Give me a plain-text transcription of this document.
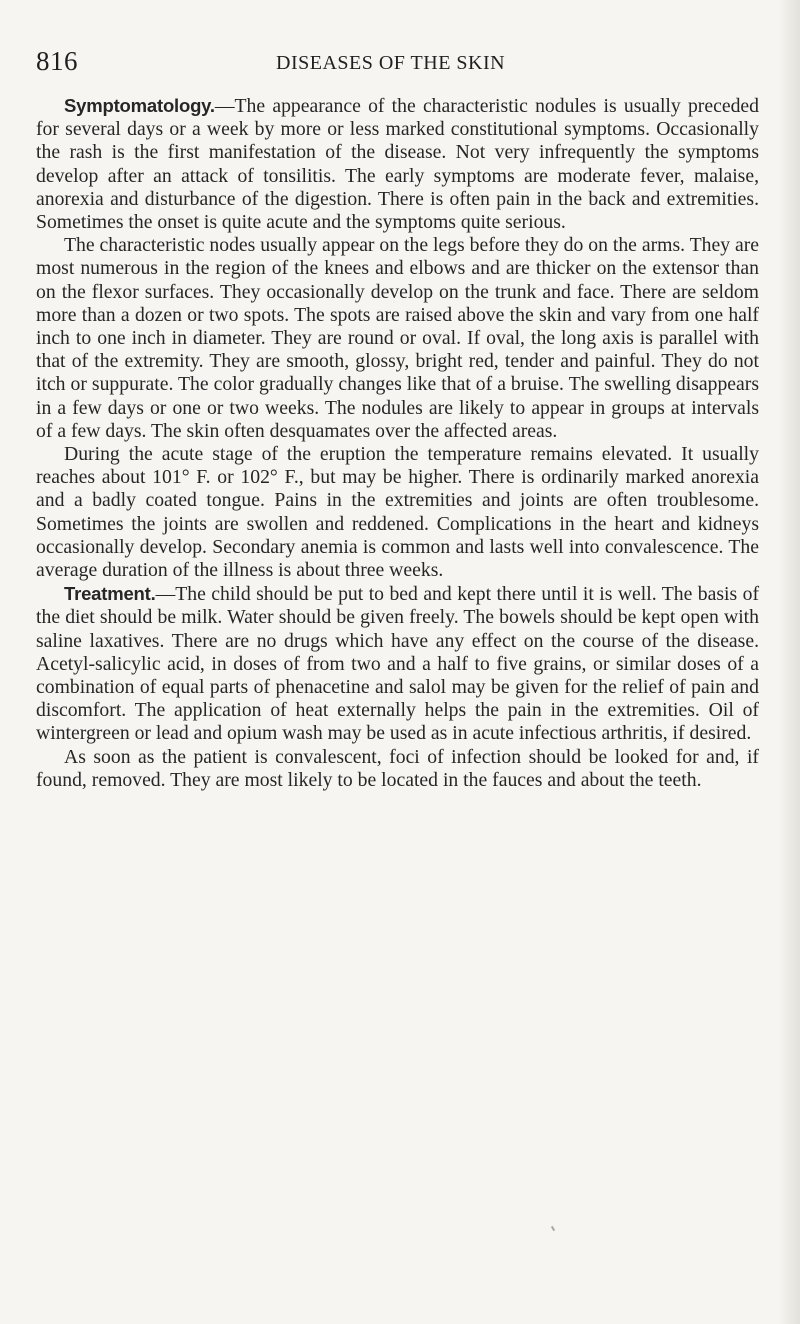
816	DISEASES OF THE SKIN

Symptomatology.—The appearance of the characteristic nodules is usually preceded for several days or a week by more or less marked constitutional symptoms. Occasionally the rash is the first manifestation of the disease. Not very infrequently the symptoms develop after an attack of tonsilitis. The early symptoms are moderate fever, malaise, anorexia and disturbance of the digestion. There is often pain in the back and extremities. Sometimes the onset is quite acute and the symptoms quite serious.

The characteristic nodes usually appear on the legs before they do on the arms. They are most numerous in the region of the knees and elbows and are thicker on the extensor than on the flexor surfaces. They occasionally develop on the trunk and face. There are seldom more than a dozen or two spots. The spots are raised above the skin and vary from one half inch to one inch in diameter. They are round or oval. If oval, the long axis is parallel with that of the extremity. They are smooth, glossy, bright red, tender and painful. They do not itch or suppurate. The color gradually changes like that of a bruise. The swelling disappears in a few days or one or two weeks. The nodules are likely to appear in groups at intervals of a few days. The skin often desquamates over the affected areas.

During the acute stage of the eruption the temperature remains elevated. It usually reaches about 101° F. or 102° F., but may be higher. There is ordinarily marked anorexia and a badly coated tongue. Pains in the extremities and joints are often troublesome. Sometimes the joints are swollen and reddened. Complications in the heart and kidneys occasionally develop. Secondary anemia is common and lasts well into convalescence. The average duration of the illness is about three weeks.

Treatment.—The child should be put to bed and kept there until it is well. The basis of the diet should be milk. Water should be given freely. The bowels should be kept open with saline laxatives. There are no drugs which have any effect on the course of the disease. Acetyl-salicylic acid, in doses of from two and a half to five grains, or similar doses of a combination of equal parts of phenacetine and salol may be given for the relief of pain and discomfort. The application of heat externally helps the pain in the extremities. Oil of wintergreen or lead and opium wash may be used as in acute infectious arthritis, if desired.

As soon as the patient is convalescent, foci of infection should be looked for and, if found, removed. They are most likely to be located in the fauces and about the teeth.
